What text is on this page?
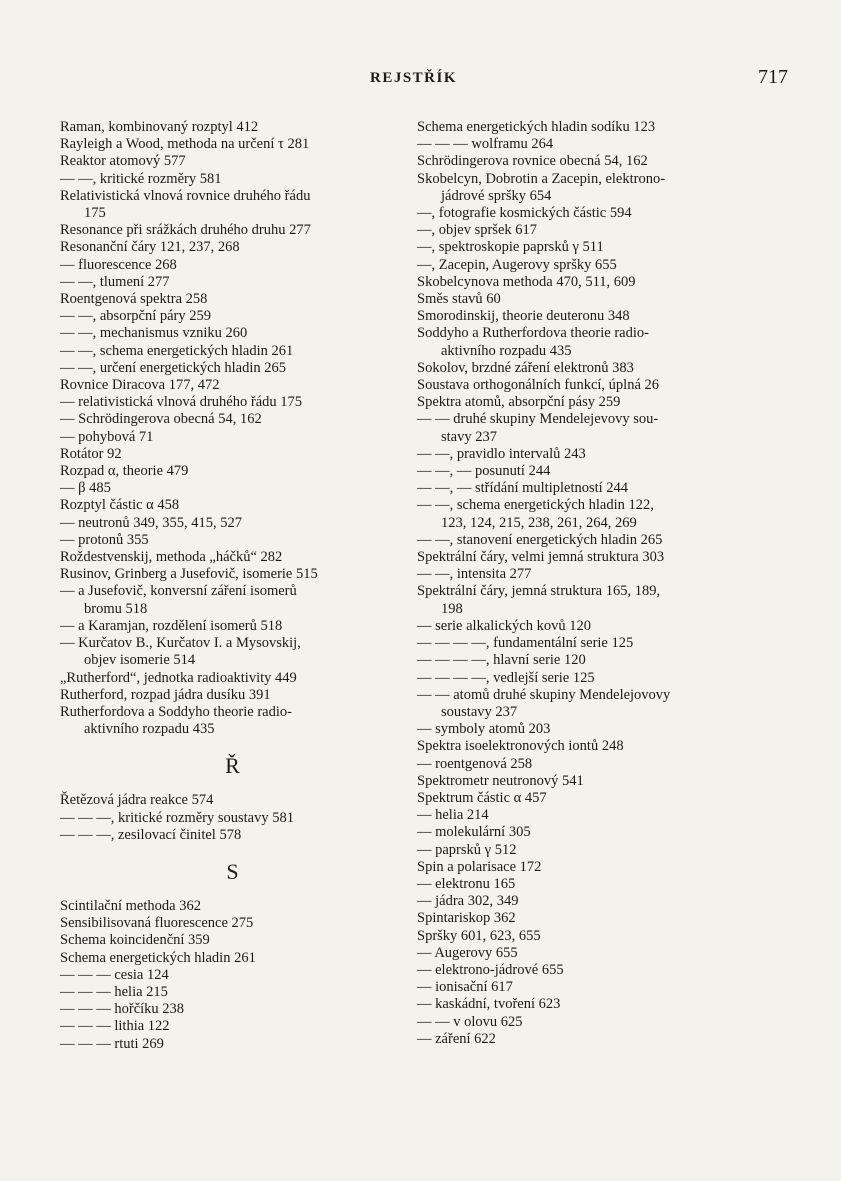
REJSTŘÍK	717
Raman, kombinovaný rozptyl 412
Rayleigh a Wood, methoda na určení τ 281
Reaktor atomový 577
— —, kritické rozměry 581
Relativistická vlnová rovnice druhého řádu
175
Resonance při srážkách druhého druhu 277
Resonanční čáry 121, 237, 268
— fluorescence 268
— —, tlumení 277
Roentgenová spektra 258
— —, absorpční páry 259
— —, mechanismus vzniku 260
— —, schema energetických hladin 261
— —, určení energetických hladin 265
Rovnice Diracova 177, 472
— relativistická vlnová druhého řádu 175
— Schrödingerova obecná 54, 162
— pohybová 71
Rotátor 92
Rozpad α, theorie 479
— β 485
Rozptyl částic α 458
— neutronů 349, 355, 415, 527
— protonů 355
Roždestvenskij, methoda „háčků“ 282
Rusinov, Grinberg a Jusefovič, isomerie 515
— a Jusefovič, konversní záření isomerů
bromu 518
— a Karamjan, rozdělení isomerů 518
— Kurčatov B., Kurčatov I. a Mysovskij,
objev isomerie 514
„Rutherford“, jednotka radioaktivity 449
Rutherford, rozpad jádra dusíku 391
Rutherfordova a Soddyho theorie radio-
aktivního rozpadu 435
Ř
Řetězová jádra reakce 574
— — —, kritické rozměry soustavy 581
— — —, zesilovací činitel 578
S
Scintilační methoda 362
Sensibilisovaná fluorescence 275
Schema koincidenční 359
Schema energetických hladin 261
— — — cesia 124
— — — helia 215
— — — hořčíku 238
— — — lithia 122
— — — rtuti 269
Schema energetických hladin sodíku 123
— — — wolframu 264
Schrödingerova rovnice obecná 54, 162
Skobelcyn, Dobrotin a Zacepin, elektrono-
jádrové spršky 654
—, fotografie kosmických částic 594
—, objev spršek 617
—, spektroskopie paprsků γ 511
—, Zacepin, Augerovy spršky 655
Skobelcynova methoda 470, 511, 609
Směs stavů 60
Smorodinskij, theorie deuteronu 348
Soddyho a Rutherfordova theorie radio-
aktivního rozpadu 435
Sokolov, brzdné záření elektronů 383
Soustava orthogonálních funkcí, úplná 26
Spektra atomů, absorpční pásy 259
— — druhé skupiny Mendelejevovy sou-
stavy 237
— —, pravidlo intervalů 243
— —, — posunutí 244
— —, — střídání multipletností 244
— —, schema energetických hladin 122,
123, 124, 215, 238, 261, 264, 269
— —, stanovení energetických hladin 265
Spektrální čáry, velmi jemná struktura 303
— —, intensita 277
Spektrální čáry, jemná struktura 165, 189,
198
— serie alkalických kovů 120
— — — —, fundamentální serie 125
— — — —, hlavní serie 120
— — — —, vedlejší serie 125
— — atomů druhé skupiny Mendelejovovy
soustavy 237
— symboly atomů 203
Spektra isoelektronových iontů 248
— roentgenová 258
Spektrometr neutronový 541
Spektrum částic α 457
— helia 214
— molekulární 305
— paprsků γ 512
Spin a polarisace 172
— elektronu 165
— jádra 302, 349
Spintariskop 362
Spršky 601, 623, 655
— Augerovy 655
— elektrono-jádrové 655
— ionisační 617
— kaskádní, tvoření 623
— — v olovu 625
— záření 622
